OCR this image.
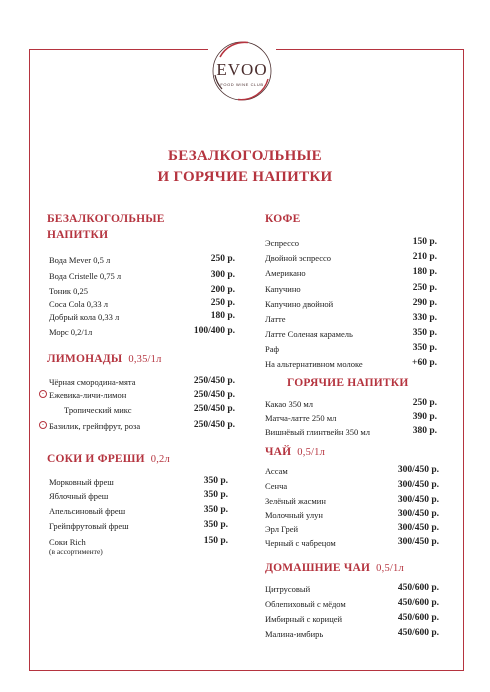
EVOO
FOOD WINE CLUB
БЕЗАЛКОГОЛЬНЫЕ
И ГОРЯЧИЕ НАПИТКИ
БЕЗАЛКОГОЛЬНЫЕ
НАПИТКИ
Вода Mever 0,5 л	250 р.
Вода Cristelle 0,75 л	300 р.
Тоник 0,25	200 р.
Coca Cola 0,33 л	250 р.
Добрый кола 0,33 л	180 р.
Морс 0,2/1л	100/400 р.
ЛИМОНАДЫ 0,35/1л
Чёрная смородина-мята	250/450 р.
– Ежевика-личи-лимон	250/450 р.
Тропический микс	250/450 р.
– Базилик, грейпфрут, роза	250/450 р.
СОКИ И ФРЕШИ 0,2л
Морковный фреш	350 р.
Яблочный фреш	350 р.
Апельсиновый фреш	350 р.
Грейпфрутовый фреш	350 р.
Соки Rich	150 р.
(в ассортименте)
КОФЕ
Эспрессо	150 р.
Двойной эспрессо	210 р.
Американо	180 р.
Капучино	250 р.
Капучино двойной	290 р.
Латте	330 р.
Латте Соленая карамель	350 р.
Раф	350 р.
На альтернативном молоке	+60 р.
ГОРЯЧИЕ НАПИТКИ
Какао 350 мл	250 р.
Матча-латте 250 мл	390 р.
Вишнёвый глинтвейн 350 мл	380 р.
ЧАЙ 0,5/1л
Ассам	300/450 р.
Сенча	300/450 р.
Зелёный жасмин	300/450 р.
Молочный улун	300/450 р.
Эрл Грей	300/450 р.
Черный с чабрецом	300/450 р.
ДОМАШНИЕ ЧАИ 0,5/1л
Цитрусовый	450/600 р.
Облепиховый с мёдом	450/600 р.
Имбирный с корицей	450/600 р.
Малина-имбирь	450/600 р.
